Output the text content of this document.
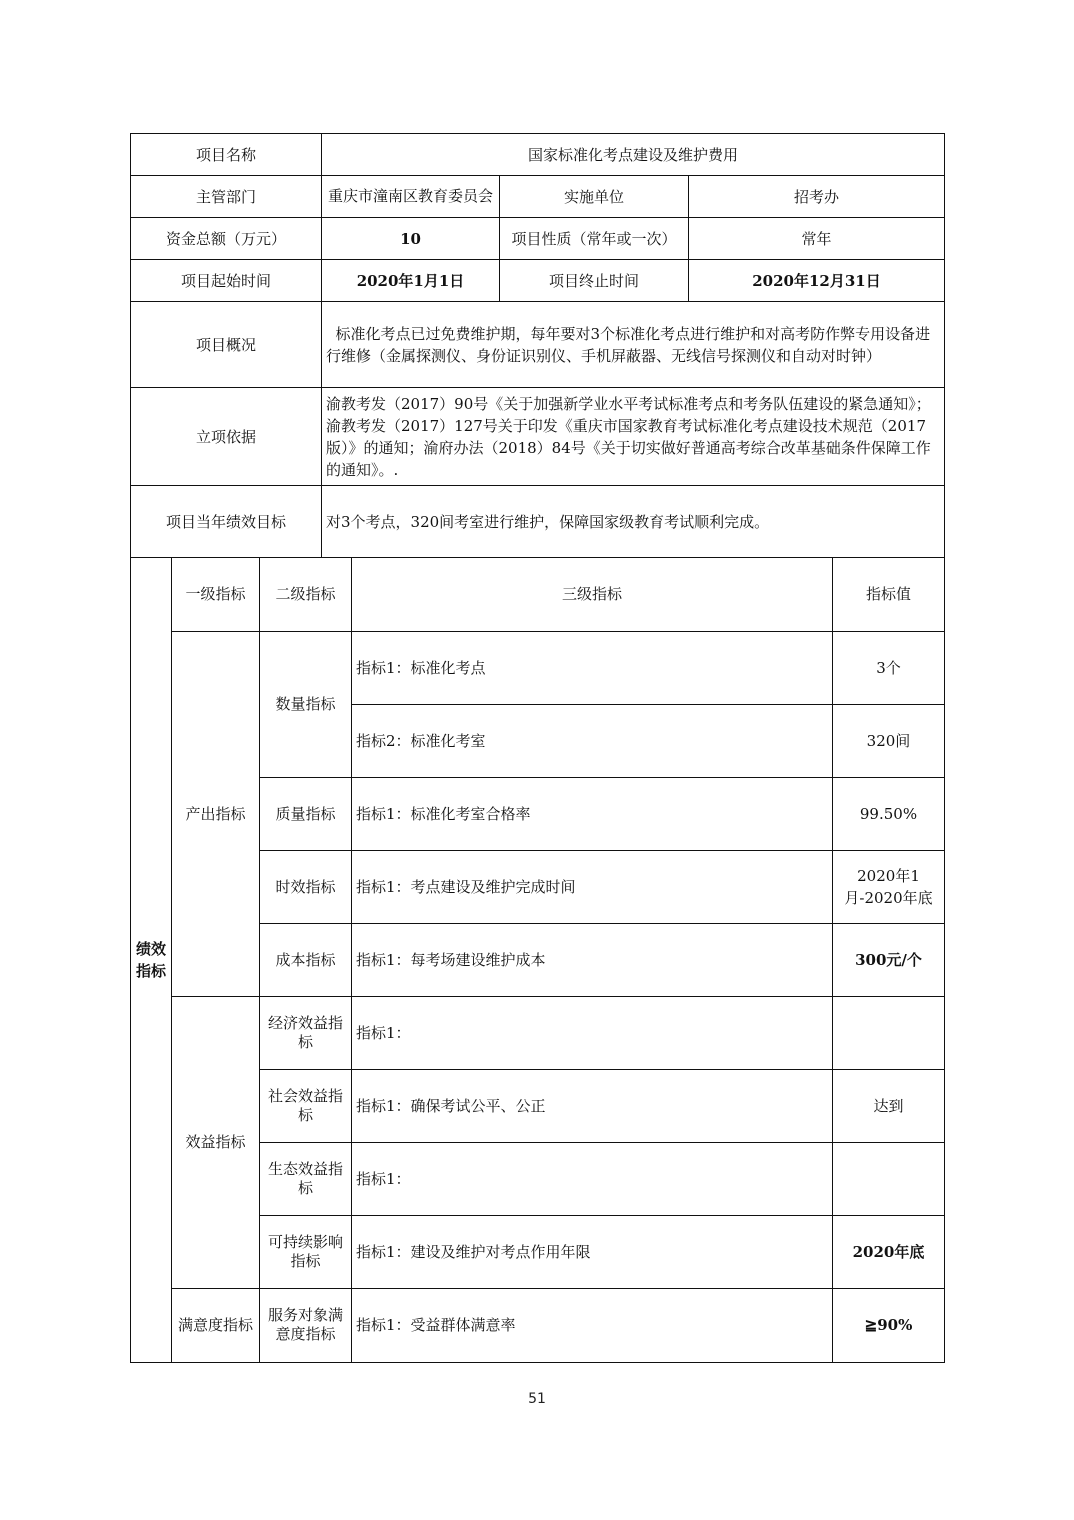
项目名称	国家标准化考点建设及维护费用		
主管部门	重庆市潼南区教育委员会	实施单位	招考办
资金总额（万元）	10	项目性质（常年或一次）	常年
项目起始时间	2020年1月1日	项目终止时间	2020年12月31日
项目概况	标准化考点已过免费维护期，每年要对3个标准化考点进行维护和对高考防作弊专用设备进行维修（金属探测仪、身份证识别仪、手机屏蔽器、无线信号探测仪和自动对时钟）		
立项依据	渝教考发（2017）90号《关于加强新学业水平考试标准考点和考务队伍建设的紧急通知》；渝教考发（2017）127号关于印发《重庆市国家教育考试标准化考点建设技术规范（2017版）》的通知；渝府办法（2018）84号《关于切实做好普通高考综合改革基础条件保障工作的通知》。.		
项目当年绩效目标	对3个考点，320间考室进行维护，保障国家级教育考试顺利完成。		
绩效指标	一级指标	二级指标	三级指标	指标值
	产出指标	数量指标	指标1：标准化考点	3个
			指标2：标准化考室	320间
		质量指标	指标1：标准化考室合格率	99.50%
		时效指标	指标1：考点建设及维护完成时间	2020年1月-2020年底
		成本指标	指标1：每考场建设维护成本	300元/个
	效益指标	经济效益指标	指标1：	
		社会效益指标	指标1：确保考试公平、公正	达到
		生态效益指标	指标1：	
		可持续影响指标	指标1：建设及维护对考点作用年限	2020年底
	满意度指标	服务对象满意度指标	指标1：受益群体满意率	≧90%
51
